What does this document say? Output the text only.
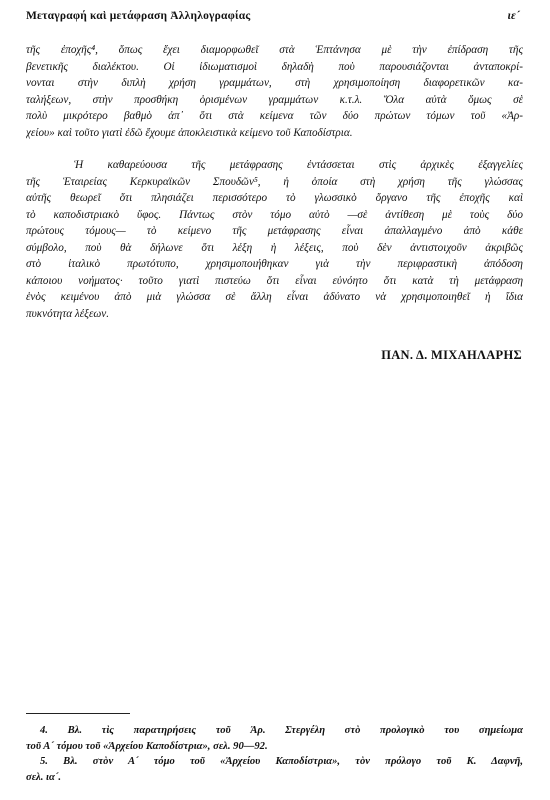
Μεταγραφή καὶ μετάφραση Ἀλληλογραφίας	ιε´
τῆς ἐποχῆς⁴, ὅπως ἔχει διαμορφωθεῖ στὰ Ἑπτάνησα μὲ τὴν ἐπίδραση τῆς
βενετικῆς διαλέκτου. Οἱ ἰδιωματισμοὶ δηλαδὴ ποὺ παρουσιάζονται ἀνταποκρί-
νονται στὴν διπλὴ χρήση γραμμάτων, στὴ χρησιμοποίηση διαφορετικῶν κα-
ταλήξεων, στὴν προσθήκη ὁρισμένων γραμμάτων κ.τ.λ. Ὅλα αὐτὰ ὅμως σὲ
πολὺ μικρότερο βαθμὸ ἀπ᾽ ὅτι στὰ κείμενα τῶν δύο πρώτων τόμων τοῦ «Ἀρ-
χείου» καὶ τοῦτο γιατὶ ἐδῶ ἔχουμε ἀποκλειστικὰ κείμενο τοῦ Καποδίστρια.
Ἡ καθαρεύουσα τῆς μετάφρασης ἐντάσσεται στὶς ἀρχικὲς ἐξαγγελίες
τῆς Ἑταιρείας Κερκυραϊκῶν Σπουδῶν⁵, ἡ ὁποία στὴ χρήση τῆς γλώσσας
αὐτῆς θεωρεῖ ὅτι πλησιάζει περισσότερο τὸ γλωσσικὸ ὄργανο τῆς ἐποχῆς καὶ
τὸ καποδιστριακὸ ὕφος. Πάντως στὸν τόμο αὐτὸ —σὲ ἀντίθεση μὲ τοὺς δύο
πρώτους τόμους— τὸ κείμενο τῆς μετάφρασης εἶναι ἀπαλλαγμένο ἀπὸ κάθε
σύμβολο, ποὺ θὰ δήλωνε ὅτι λέξη ἡ λέξεις, ποὺ δὲν ἀντιστοιχοῦν ἀκριβῶς
στὸ ἰταλικὸ πρωτότυπο, χρησιμοποιήθηκαν γιὰ τὴν περιφραστικὴ ἀπόδοση
κάποιου νοήματος· τοῦτο γιατὶ πιστεύω ὅτι εἶναι εὐνόητο ὅτι κατὰ τὴ μετάφραση
ἑνὸς κειμένου ἀπὸ μιὰ γλώσσα σὲ ἄλλη εἶναι ἀδύνατο νὰ χρησιμοποιηθεῖ ἡ ἴδια
πυκνότητα λέξεων.
ΠΑΝ. Δ. ΜΙΧΑΗΛΑΡΗΣ
4. Βλ. τὶς παρατηρήσεις τοῦ Ἀρ. Στεργέλη στὸ προλογικὸ του σημείωμα
τοῦ Α´ τόμου τοῦ «Ἀρχείου Καποδίστρια», σελ. 90—92.
5. Βλ. στὸν Α´ τόμο τοῦ «Ἀρχείου Καποδίστρια», τὸν πρόλογο τοῦ Κ. Δαφνῆ,
σελ. ια´.
